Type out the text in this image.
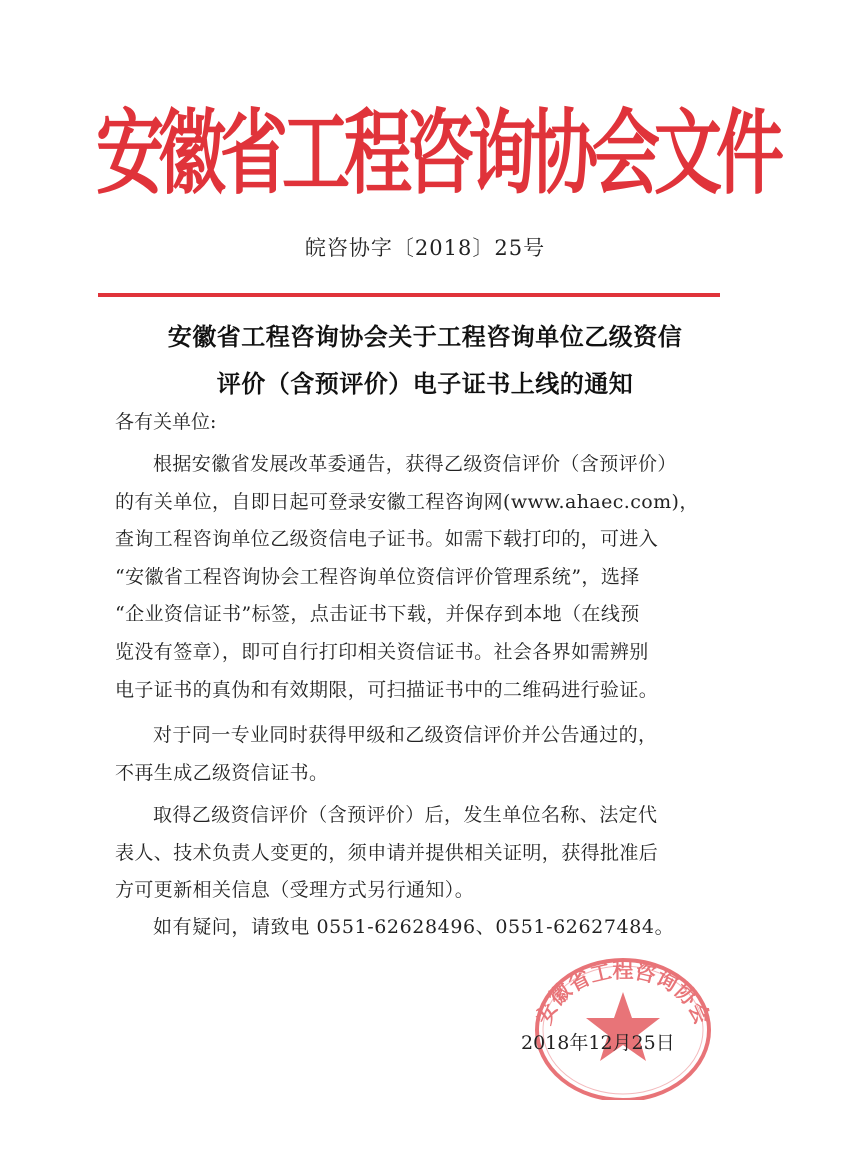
安徽省工程咨询协会文件
皖咨协字〔2018〕25号
安徽省工程咨询协会关于工程咨询单位乙级资信
评价（含预评价）电子证书上线的通知
各有关单位:
根据安徽省发展改革委通告，获得乙级资信评价（含预评价）
的有关单位，自即日起可登录安徽工程咨询网(www.ahaec.com)，
查询工程咨询单位乙级资信电子证书。如需下载打印的，可进入
“安徽省工程咨询协会工程咨询单位资信评价管理系统”，选择
“企业资信证书”标签，点击证书下载，并保存到本地（在线预
览没有签章），即可自行打印相关资信证书。社会各界如需辨别
电子证书的真伪和有效期限，可扫描证书中的二维码进行验证。
对于同一专业同时获得甲级和乙级资信评价并公告通过的，
不再生成乙级资信证书。
取得乙级资信评价（含预评价）后，发生单位名称、法定代
表人、技术负责人变更的，须申请并提供相关证明，获得批准后
方可更新相关信息（受理方式另行通知）。
如有疑问，请致电 0551-62628496、0551-62627484。
安徽省工程咨询协会
2018年12月25日
